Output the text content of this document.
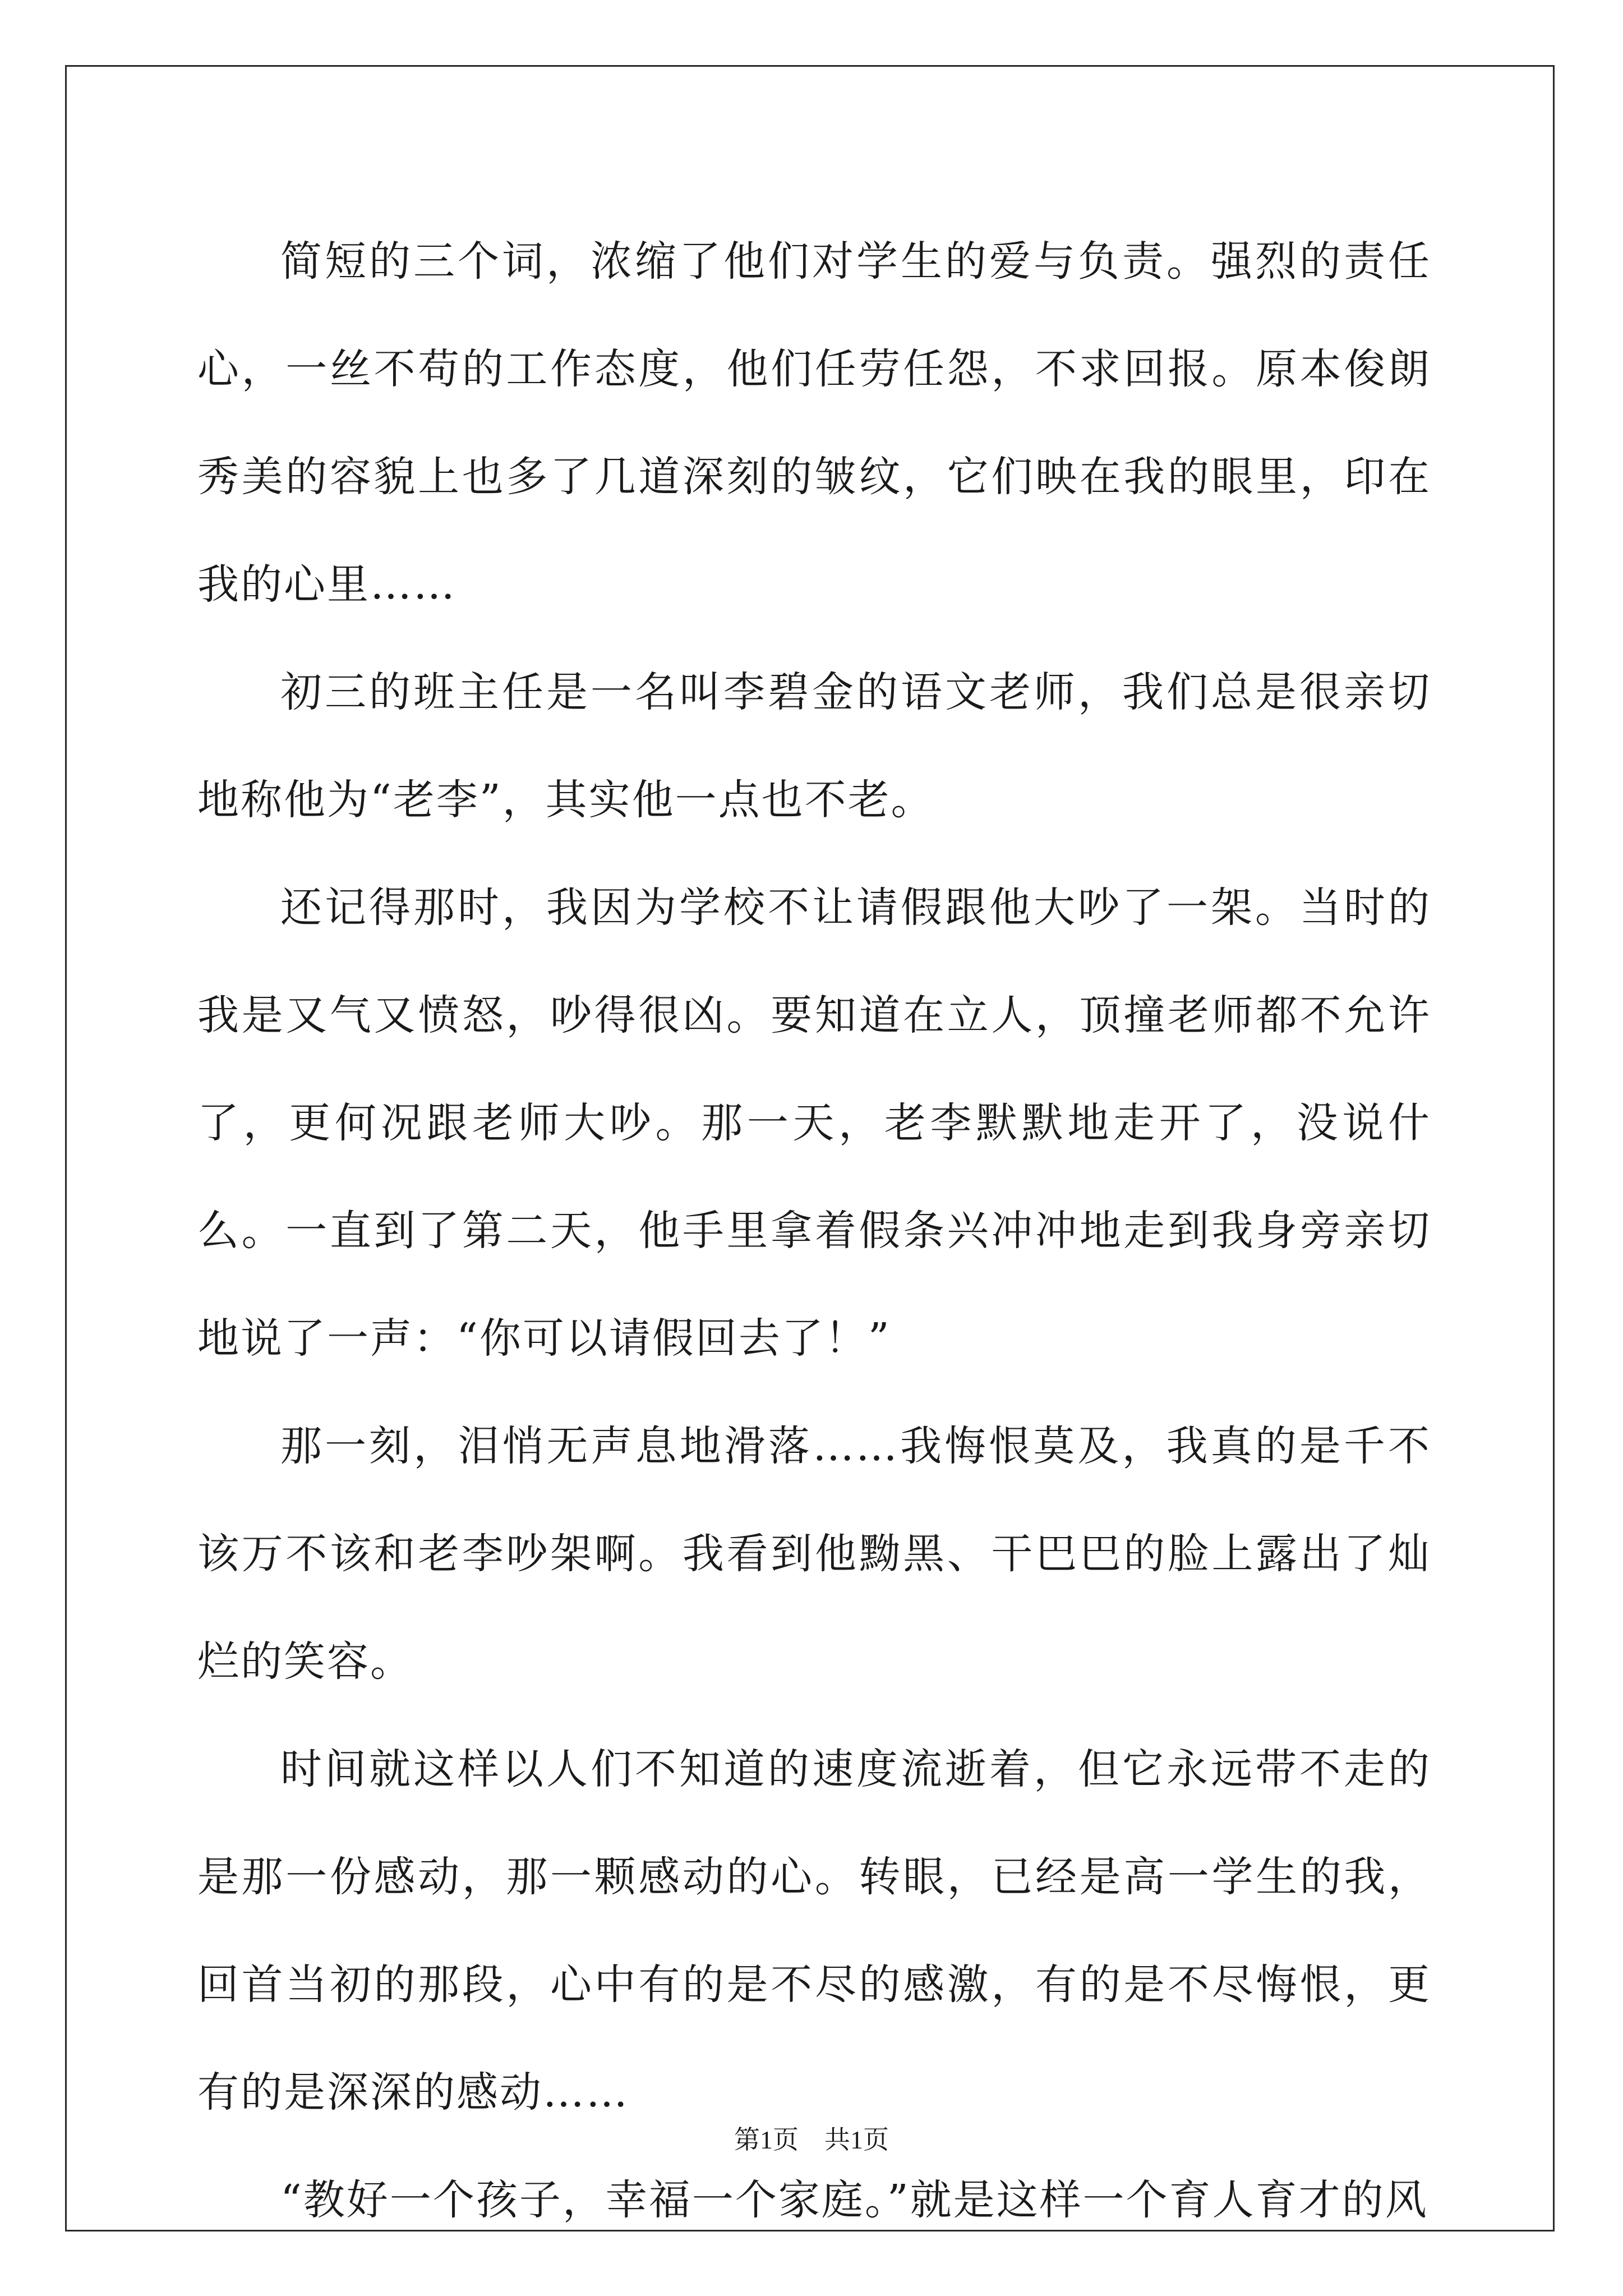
简短的三个词，浓缩了他们对学生的爱与负责。强烈的责任心，一丝不苟的工作态度，他们任劳任怨，不求回报。原本俊朗秀美的容貌上也多了几道深刻的皱纹，它们映在我的眼里，印在我的心里……

初三的班主任是一名叫李碧金的语文老师，我们总是很亲切地称他为“老李”，其实他一点也不老。

还记得那时，我因为学校不让请假跟他大吵了一架。当时的我是又气又愤怒，吵得很凶。要知道在立人，顶撞老师都不允许了，更何况跟老师大吵。那一天，老李默默地走开了，没说什么。一直到了第二天，他手里拿着假条兴冲冲地走到我身旁亲切地说了一声：“你可以请假回去了！”

那一刻，泪悄无声息地滑落……我悔恨莫及，我真的是千不该万不该和老李吵架啊。我看到他黝黑、干巴巴的脸上露出了灿烂的笑容。

时间就这样以人们不知道的速度流逝着，但它永远带不走的是那一份感动，那一颗感动的心。转眼，已经是高一学生的我，回首当初的那段，心中有的是不尽的感激，有的是不尽悔恨，更有的是深深的感动……

“教好一个孩子，幸福一个家庭。”就是这样一个育人育才的风

第1页　共1页
